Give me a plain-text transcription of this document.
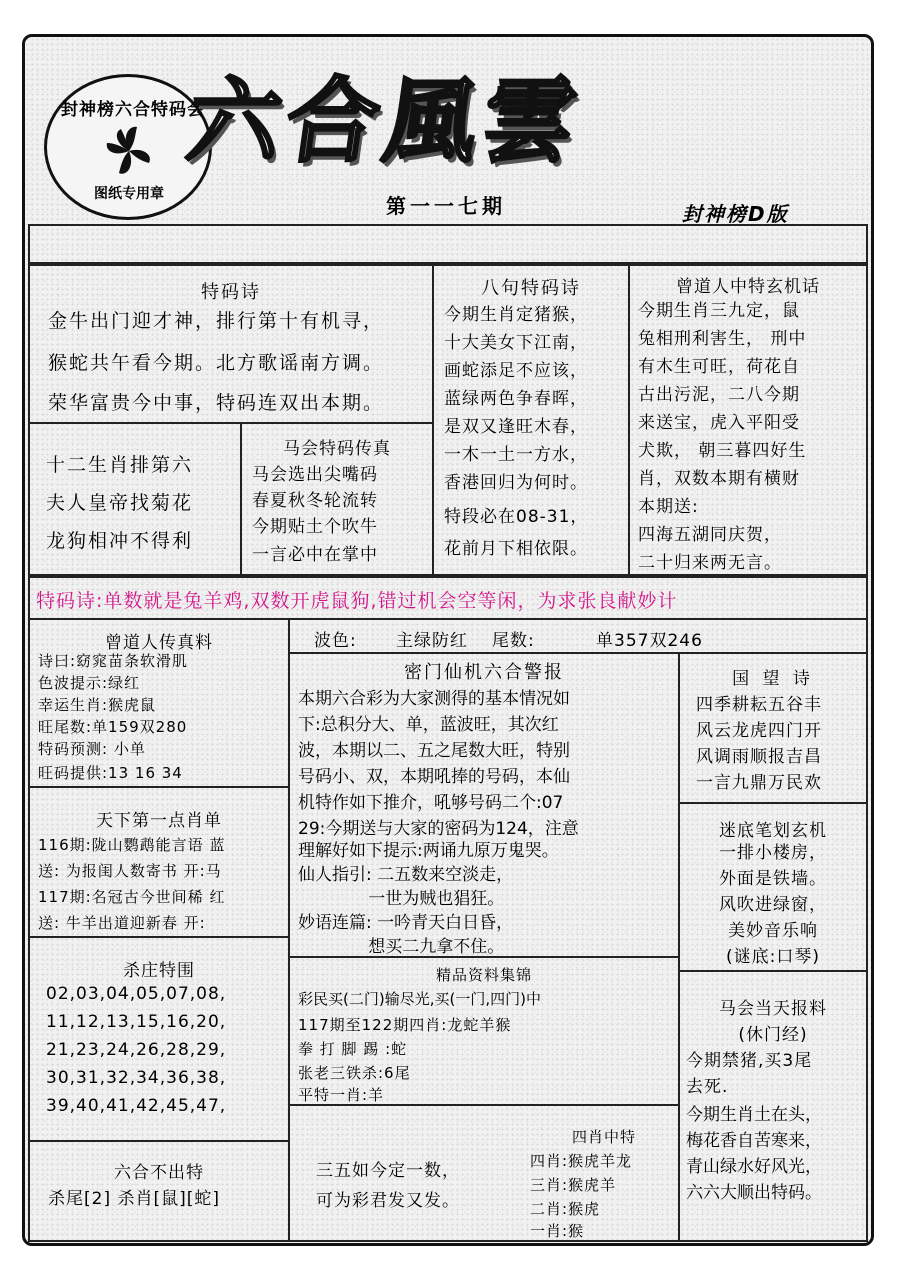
封神榜六合特码会
图纸专用章
六合風雲
第一一七期	封神榜D版
特码诗
金牛出门迎才神，排行第十有机寻，
猴蛇共午看今期。北方歌谣南方调。
荣华富贵今中事，特码连双出本期。
八句特码诗
今期生肖定猪猴，
十大美女下江南，
画蛇添足不应该，
蓝绿两色争春晖，
是双又逢旺木春，
一木一土一方水，
香港回归为何时。
特段必在08-31，
花前月下相依限。
曾道人中特玄机话
今期生肖三九定，鼠
兔相刑利害生， 刑中
有木生可旺，荷花自
古出污泥，二八今期
来送宝，虎入平阳受
犬欺， 朝三暮四好生
肖，双数本期有横财
本期送:
四海五湖同庆贺，
二十归来两无言。
十二生肖排第六
夫人皇帝找菊花
龙狗相冲不得利
马会特码传真
马会选出尖嘴码
春夏秋冬轮流转
今期贴土个吹牛
一言必中在掌中
特码诗:单数就是兔羊鸡,双数开虎鼠狗,错过机会空等闲，为求张良献妙计
曾道人传真料
诗曰:窈窕苗条软滑肌
色波提示:绿红
幸运生肖:猴虎鼠
旺尾数:单159双280
特码预测: 小单
旺码提供:13 16 34
天下第一点肖单
116期:陇山鹦鹉能言语 蓝
送: 为报闺人数寄书 开:马
117期:名冠古今世间稀 红
送: 牛羊出道迎新春 开:
杀庄特围
02,03,04,05,07,08,
11,12,13,15,16,20,
21,23,24,26,28,29,
30,31,32,34,36,38,
39,40,41,42,45,47,
六合不出特
杀尾[2] 杀肖[鼠][蛇]
波色: 主绿防红 尾数:	单357双246
密门仙机六合警报
本期六合彩为大家测得的基本情况如
下:总积分大、单，蓝波旺，其次红
波，本期以二、五之尾数大旺，特别
号码小、双，本期吼捧的号码，本仙
机特作如下推介，吼够号码二个:07
29:今期送与大家的密码为124，注意
理解好如下提示:两诵九原万鬼哭。
仙人指引: 二五数来空淡走，
一世为贼也猖狂。
妙语连篇: 一吟青天白日昏，
想买二九拿不住。
精品资料集锦
彩民买(二门)输尽光,买(一门,四门)中
117期至122期四肖:龙蛇羊猴
拳 打 脚 踢 :蛇
张老三铁杀:6尾
平特一肖:羊
三五如今定一数，
可为彩君发又发。
四肖中特
四肖:猴虎羊龙
三肖:猴虎羊
二肖:猴虎
一肖:猴
国 望 诗
四季耕耘五谷丰
风云龙虎四门开
风调雨顺报吉昌
一言九鼎万民欢
迷底笔划玄机
一排小楼房，
外面是铁墙。
风吹进绿窗，
美妙音乐响
(谜底:口琴)
马会当天报料
(休门经)
今期禁猪,买3尾
去死.
今期生肖土在头，
梅花香自苦寒来，
青山绿水好风光，
六六大顺出特码。
